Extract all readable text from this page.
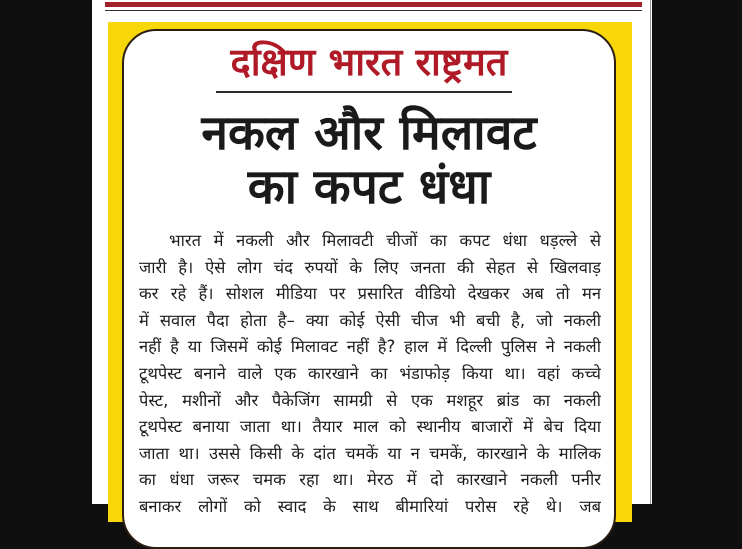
दक्षिण भारत राष्ट्रमत
नकल और मिलावट
का कपट धंधा
भारत में नकली और मिलावटी चीजों का कपट धंधा धड़ल्ले से
जारी है। ऐसे लोग चंद रुपयों के लिए जनता की सेहत से खिलवाड़
कर रहे हैं। सोशल मीडिया पर प्रसारित वीडियो देखकर अब तो मन
में सवाल पैदा होता है– क्या कोई ऐसी चीज भी बची है, जो नकली
नहीं है या जिसमें कोई मिलावट नहीं है? हाल में दिल्ली पुलिस ने नकली
टूथपेस्ट बनाने वाले एक कारखाने का भंडाफोड़ किया था। वहां कच्चे
पेस्ट, मशीनों और पैकेजिंग सामग्री से एक मशहूर ब्रांड का नकली
टूथपेस्ट बनाया जाता था। तैयार माल को स्थानीय बाजारों में बेच दिया
जाता था। उससे किसी के दांत चमकें या न चमकें, कारखाने के मालिक
का धंधा जरूर चमक रहा था। मेरठ में दो कारखाने नकली पनीर
बनाकर लोगों को स्वाद के साथ बीमारियां परोस रहे थे। जब
